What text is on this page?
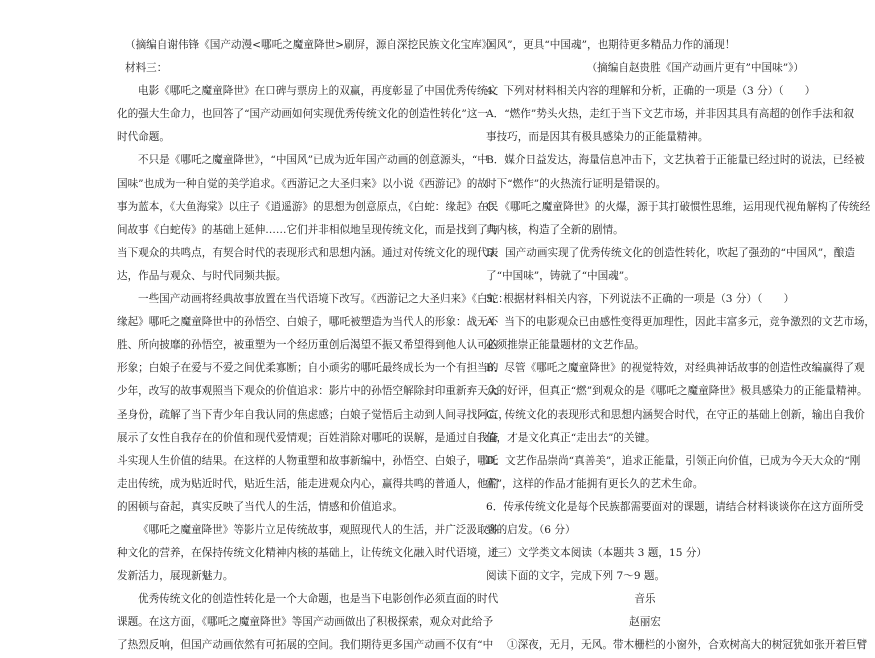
（摘编自谢伟锋《国产动漫<哪吒之魔童降世>刷屏，源自深挖民族文化宝库》）
材料三：
电影《哪吒之魔童降世》在口碑与票房上的双赢，再度彰显了中国优秀传统文
化的强大生命力，也回答了“国产动画如何实现优秀传统文化的创造性转化”这一
时代命题。
不只是《哪吒之魔童降世》，“中国风”已成为近年国产动画的创意源头，“中
国味”也成为一种自觉的美学追求。《西游记之大圣归来》以小说《西游记》的故
事为蓝本，《大鱼海棠》以庄子《逍遥游》的思想为创意原点，《白蛇：缘起》在民
间故事《白蛇传》的基础上延伸……它们并非相似地呈现传统文化，而是找到了与
当下观众的共鸣点，有契合时代的表现形式和思想内涵。通过对传统文化的现代表
达，作品与观众、与时代同频共振。
一些国产动画将经典故事放置在当代语境下改写。《西游记之大圣归来》《白蛇：
缘起》哪吒之魔童降世中的孙悟空、白娘子，哪吒被塑造为当代人的形象：战无不
胜、所向披靡的孙悟空，被重塑为一个经历重创后渴望不振又希望得到他人认可的
形象；白娘子在爱与不爱之间优柔寡断；自小顽劣的哪吒最终成长为一个有担当的
少年，改写的故事观照当下观众的价值追求：影片中的孙悟空解除封印重新弃天大
圣身份，疏解了当下青少年自我认同的焦虑感；白娘子觉悟后主动到人间寻找阿宣，
展示了女性自我存在的价值和现代爱情观；百姓消除对哪吒的误解，是通过自我奋
斗实现人生价值的结果。在这样的人物重塑和故事新编中，孙悟空、白娘子，哪吒
走出传统，成为贴近时代，贴近生活，能走进观众内心，赢得共鸣的普通人，他们
的困顿与奋起，真实反映了当代人的生活，情感和价值追求。
《哪吒之魔童降世》等影片立足传统故事，观照现代人的生活，并广泛汲取多
种文化的营养，在保持传统文化精神内核的基础上，让传统文化融入时代语境，迸
发新活力，展现新魅力。
优秀传统文化的创造性转化是一个大命题，也是当下电影创作必须直面的时代
课题。在这方面，《哪吒之魔童降世》等国产动画做出了积极探索，观众对此给予
了热烈反响，但国产动画依然有可拓展的空间。我们期待更多国产动画不仅有“中
国风”，更具“中国魂”，也期待更多精品力作的涌现！
（摘编自赵贵胜《国产动画片更有”中国味”》）
4．下列对材料相关内容的理解和分析，正确的一项是（3 分）（　　）
A．“燃作”势头火热，走红于当下文艺市场，并非因其具有高超的创作手法和叙
事技巧，而是因其有极具感染力的正能量精神。
B．媒介日益发达，海量信息冲击下，文艺执着于正能量已经过时的说法，已经被
时下“燃作”的火热流行证明是错误的。
C．《哪吒之魔童降世》的火爆，源于其打破惯性思维，运用现代视角解构了传统经
典内核，构造了全新的剧情。
D．国产动画实现了优秀传统文化的创造性转化，吹起了强劲的“中国风”，酿造
了“中国味”，铸就了“中国魂”。
5．根据材料相关内容，下列说法不正确的一项是（3 分）（　　）
A．当下的电影观众已由感性变得更加理性，因此丰富多元，竞争激烈的文艺市场，
必须推崇正能量题材的文艺作品。
B．尽管《哪吒之魔童降世》的视觉特效，对经典神话故事的创造性改编赢得了观
众的好评，但真正“燃”到观众的是《哪吒之魔童降世》极具感染力的正能量精神。
C．传统文化的表现形式和思想内涵契合时代，在守正的基础上创新，输出自我价
值，才是文化真正“走出去”的关键。
D．文艺作品崇尚“真善美”，追求正能量，引领正向价值，已成为今天大众的“刚
需”，这样的作品才能拥有更长久的艺术生命。
6．传承传统文化是每个民族都需要面对的课题，请结合材料谈谈你在这方面所受
到的启发。（6 分）
（三）文学类文本阅读（本题共 3 题，15 分）
阅读下面的文字，完成下列 7～9 题。
音乐
赵丽宏
①深夜，无月，无风。带木栅栏的小窗外，合欢树高大的树冠犹如张开着巨臂
